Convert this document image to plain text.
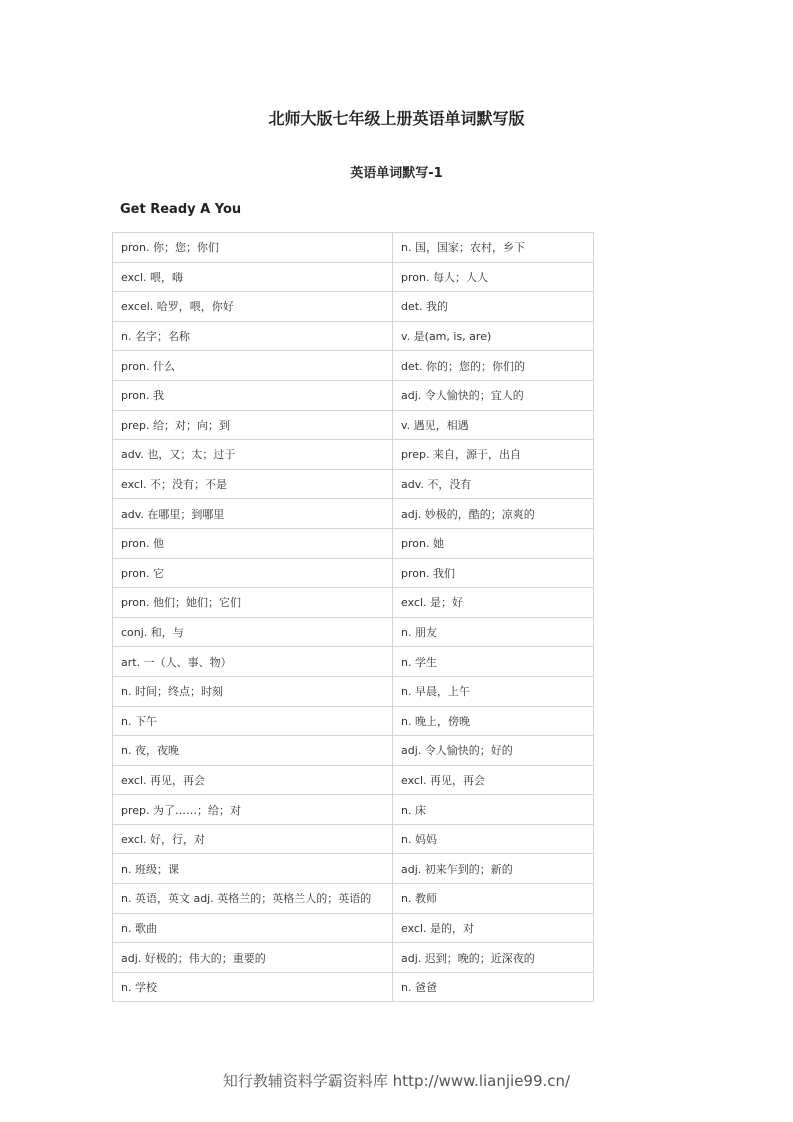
北师大版七年级上册英语单词默写版
英语单词默写-1
Get Ready A You
pron. 你；您；你们	n. 国，国家；农村，乡下
excl. 喂，嗨	pron. 每人；人人
excel. 哈罗，喂，你好	det. 我的
n. 名字；名称	v. 是(am, is, are)
pron. 什么	det. 你的；您的；你们的
pron. 我	adj. 令人愉快的；宜人的
prep. 给；对；向；到	v. 遇见，相遇
adv. 也，又；太；过于	prep. 来自，源于，出自
excl. 不；没有；不是	adv. 不，没有
adv. 在哪里；到哪里	adj. 妙极的，酷的；凉爽的
pron. 他	pron. 她
pron. 它	pron. 我们
pron. 他们；她们；它们	excl. 是；好
conj. 和，与	n. 朋友
art. 一（人、事、物）	n. 学生
n. 时间；终点；时刻	n. 早晨，上午
n. 下午	n. 晚上，傍晚
n. 夜，夜晚	adj. 令人愉快的；好的
excl. 再见，再会	excl. 再见，再会
prep. 为了……；给；对	n. 床
excl. 好，行，对	n. 妈妈
n. 班级；课	adj. 初来乍到的；新的
n. 英语，英文 adj. 英格兰的；英格兰人的；英语的	n. 教师
n. 歌曲	excl. 是的，对
adj. 好极的；伟大的；重要的	adj. 迟到；晚的；近深夜的
n. 学校	n. 爸爸
知行教辅资料学霸资料库 http://www.lianjie99.cn/
